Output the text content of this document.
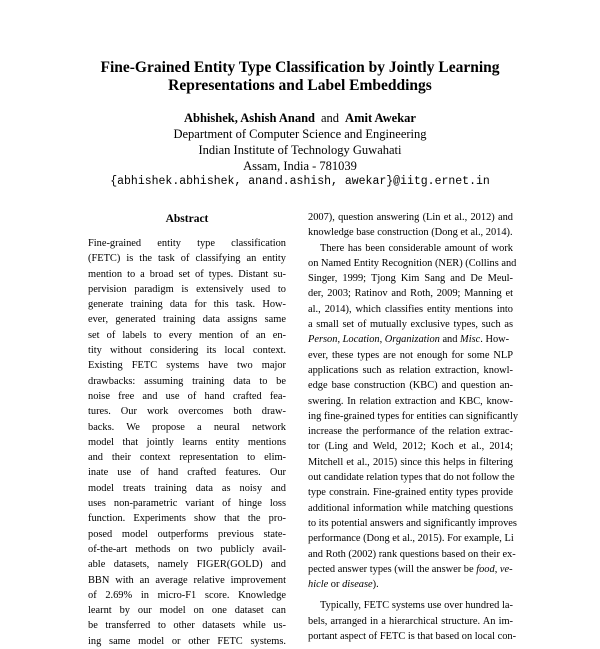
Fine-Grained Entity Type Classification by Jointly Learning
Representations and Label Embeddings
Abhishek, Ashish Anand and Amit Awekar
Department of Computer Science and Engineering
Indian Institute of Technology Guwahati
Assam, India - 781039
{abhishek.abhishek, anand.ashish, awekar}@iitg.ernet.in
Abstract
Fine-grained entity type classification
(FETC) is the task of classifying an entity
mention to a broad set of types. Distant su-
pervision paradigm is extensively used to
generate training data for this task. How-
ever, generated training data assigns same
set of labels to every mention of an en-
tity without considering its local context.
Existing FETC systems have two major
drawbacks: assuming training data to be
noise free and use of hand crafted fea-
tures. Our work overcomes both draw-
backs. We propose a neural network
model that jointly learns entity mentions
and their context representation to elim-
inate use of hand crafted features. Our
model treats training data as noisy and
uses non-parametric variant of hinge loss
function. Experiments show that the pro-
posed model outperforms previous state-
of-the-art methods on two publicly avail-
able datasets, namely FIGER(GOLD) and
BBN with an average relative improvement
of 2.69% in micro-F1 score. Knowledge
learnt by our model on one dataset can
be transferred to other datasets while us-
ing same model or other FETC systems.
2007), question answering (Lin et al., 2012) and
knowledge base construction (Dong et al., 2014).
There has been considerable amount of work
on Named Entity Recognition (NER) (Collins and
Singer, 1999; Tjong Kim Sang and De Meul-
der, 2003; Ratinov and Roth, 2009; Manning et
al., 2014), which classifies entity mentions into
a small set of mutually exclusive types, such as
Person, Location, Organization and Misc. How-
ever, these types are not enough for some NLP
applications such as relation extraction, knowl-
edge base construction (KBC) and question an-
swering. In relation extraction and KBC, know-
ing fine-grained types for entities can significantly
increase the performance of the relation extrac-
tor (Ling and Weld, 2012; Koch et al., 2014;
Mitchell et al., 2015) since this helps in filtering
out candidate relation types that do not follow the
type constrain. Fine-grained entity types provide
additional information while matching questions
to its potential answers and significantly improves
performance (Dong et al., 2015). For example, Li
and Roth (2002) rank questions based on their ex-
pected answer types (will the answer be food, ve-
hicle or disease).
Typically, FETC systems use over hundred la-
bels, arranged in a hierarchical structure. An im-
portant aspect of FETC is that based on local con-
